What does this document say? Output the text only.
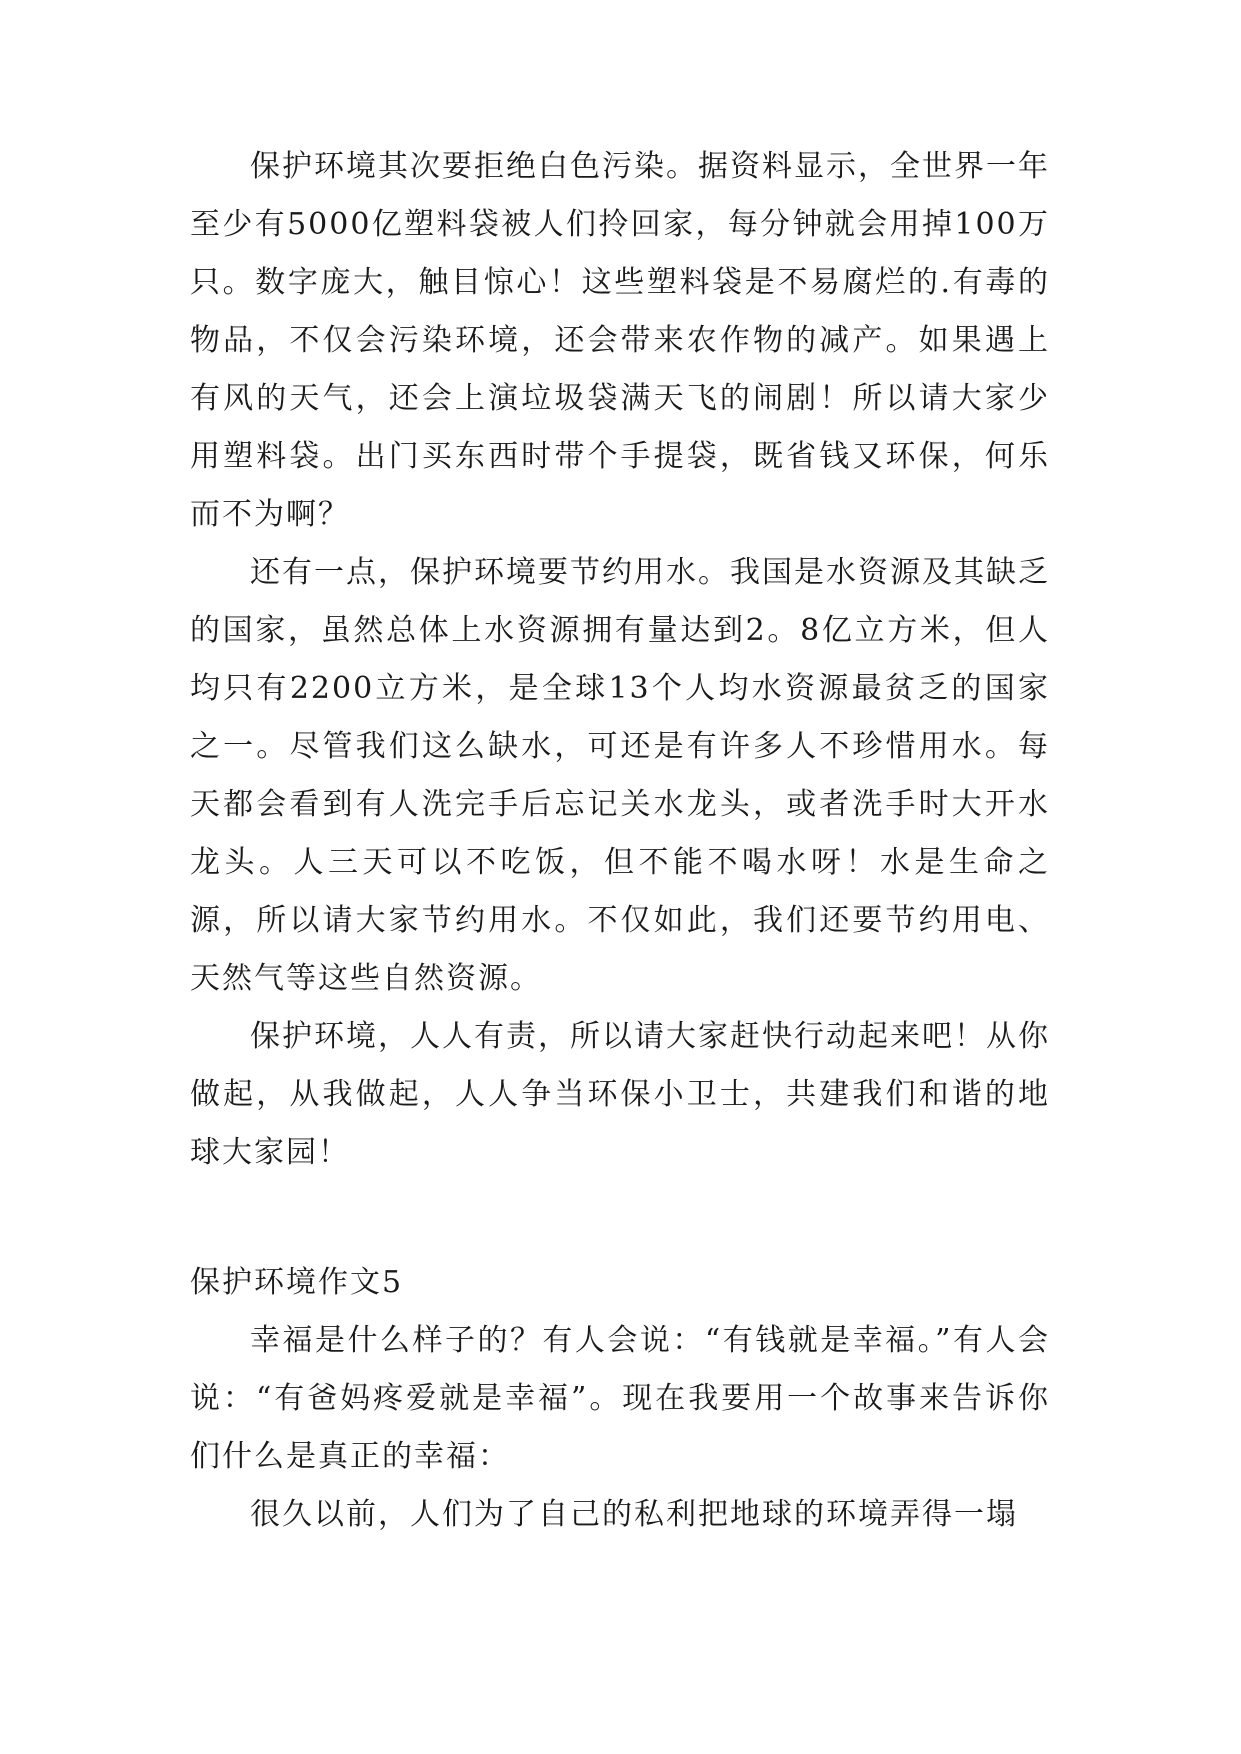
保护环境其次要拒绝白色污染。据资料显示，全世界一年至少有5000亿塑料袋被人们拎回家，每分钟就会用掉100万只。数字庞大，触目惊心！这些塑料袋是不易腐烂的.有毒的物品，不仅会污染环境，还会带来农作物的减产。如果遇上有风的天气，还会上演垃圾袋满天飞的闹剧！所以请大家少用塑料袋。出门买东西时带个手提袋，既省钱又环保，何乐而不为啊？

还有一点，保护环境要节约用水。我国是水资源及其缺乏的国家，虽然总体上水资源拥有量达到2。8亿立方米，但人均只有2200立方米，是全球13个人均水资源最贫乏的国家之一。尽管我们这么缺水，可还是有许多人不珍惜用水。每天都会看到有人洗完手后忘记关水龙头，或者洗手时大开水龙头。人三天可以不吃饭，但不能不喝水呀！水是生命之源，所以请大家节约用水。不仅如此，我们还要节约用电、天然气等这些自然资源。

保护环境，人人有责，所以请大家赶快行动起来吧！从你做起，从我做起，人人争当环保小卫士，共建我们和谐的地球大家园！

保护环境作文5

幸福是什么样子的？有人会说：“有钱就是幸福。”有人会说：“有爸妈疼爱就是幸福”。现在我要用一个故事来告诉你们什么是真正的幸福：

很久以前，人们为了自己的私利把地球的环境弄得一塌
